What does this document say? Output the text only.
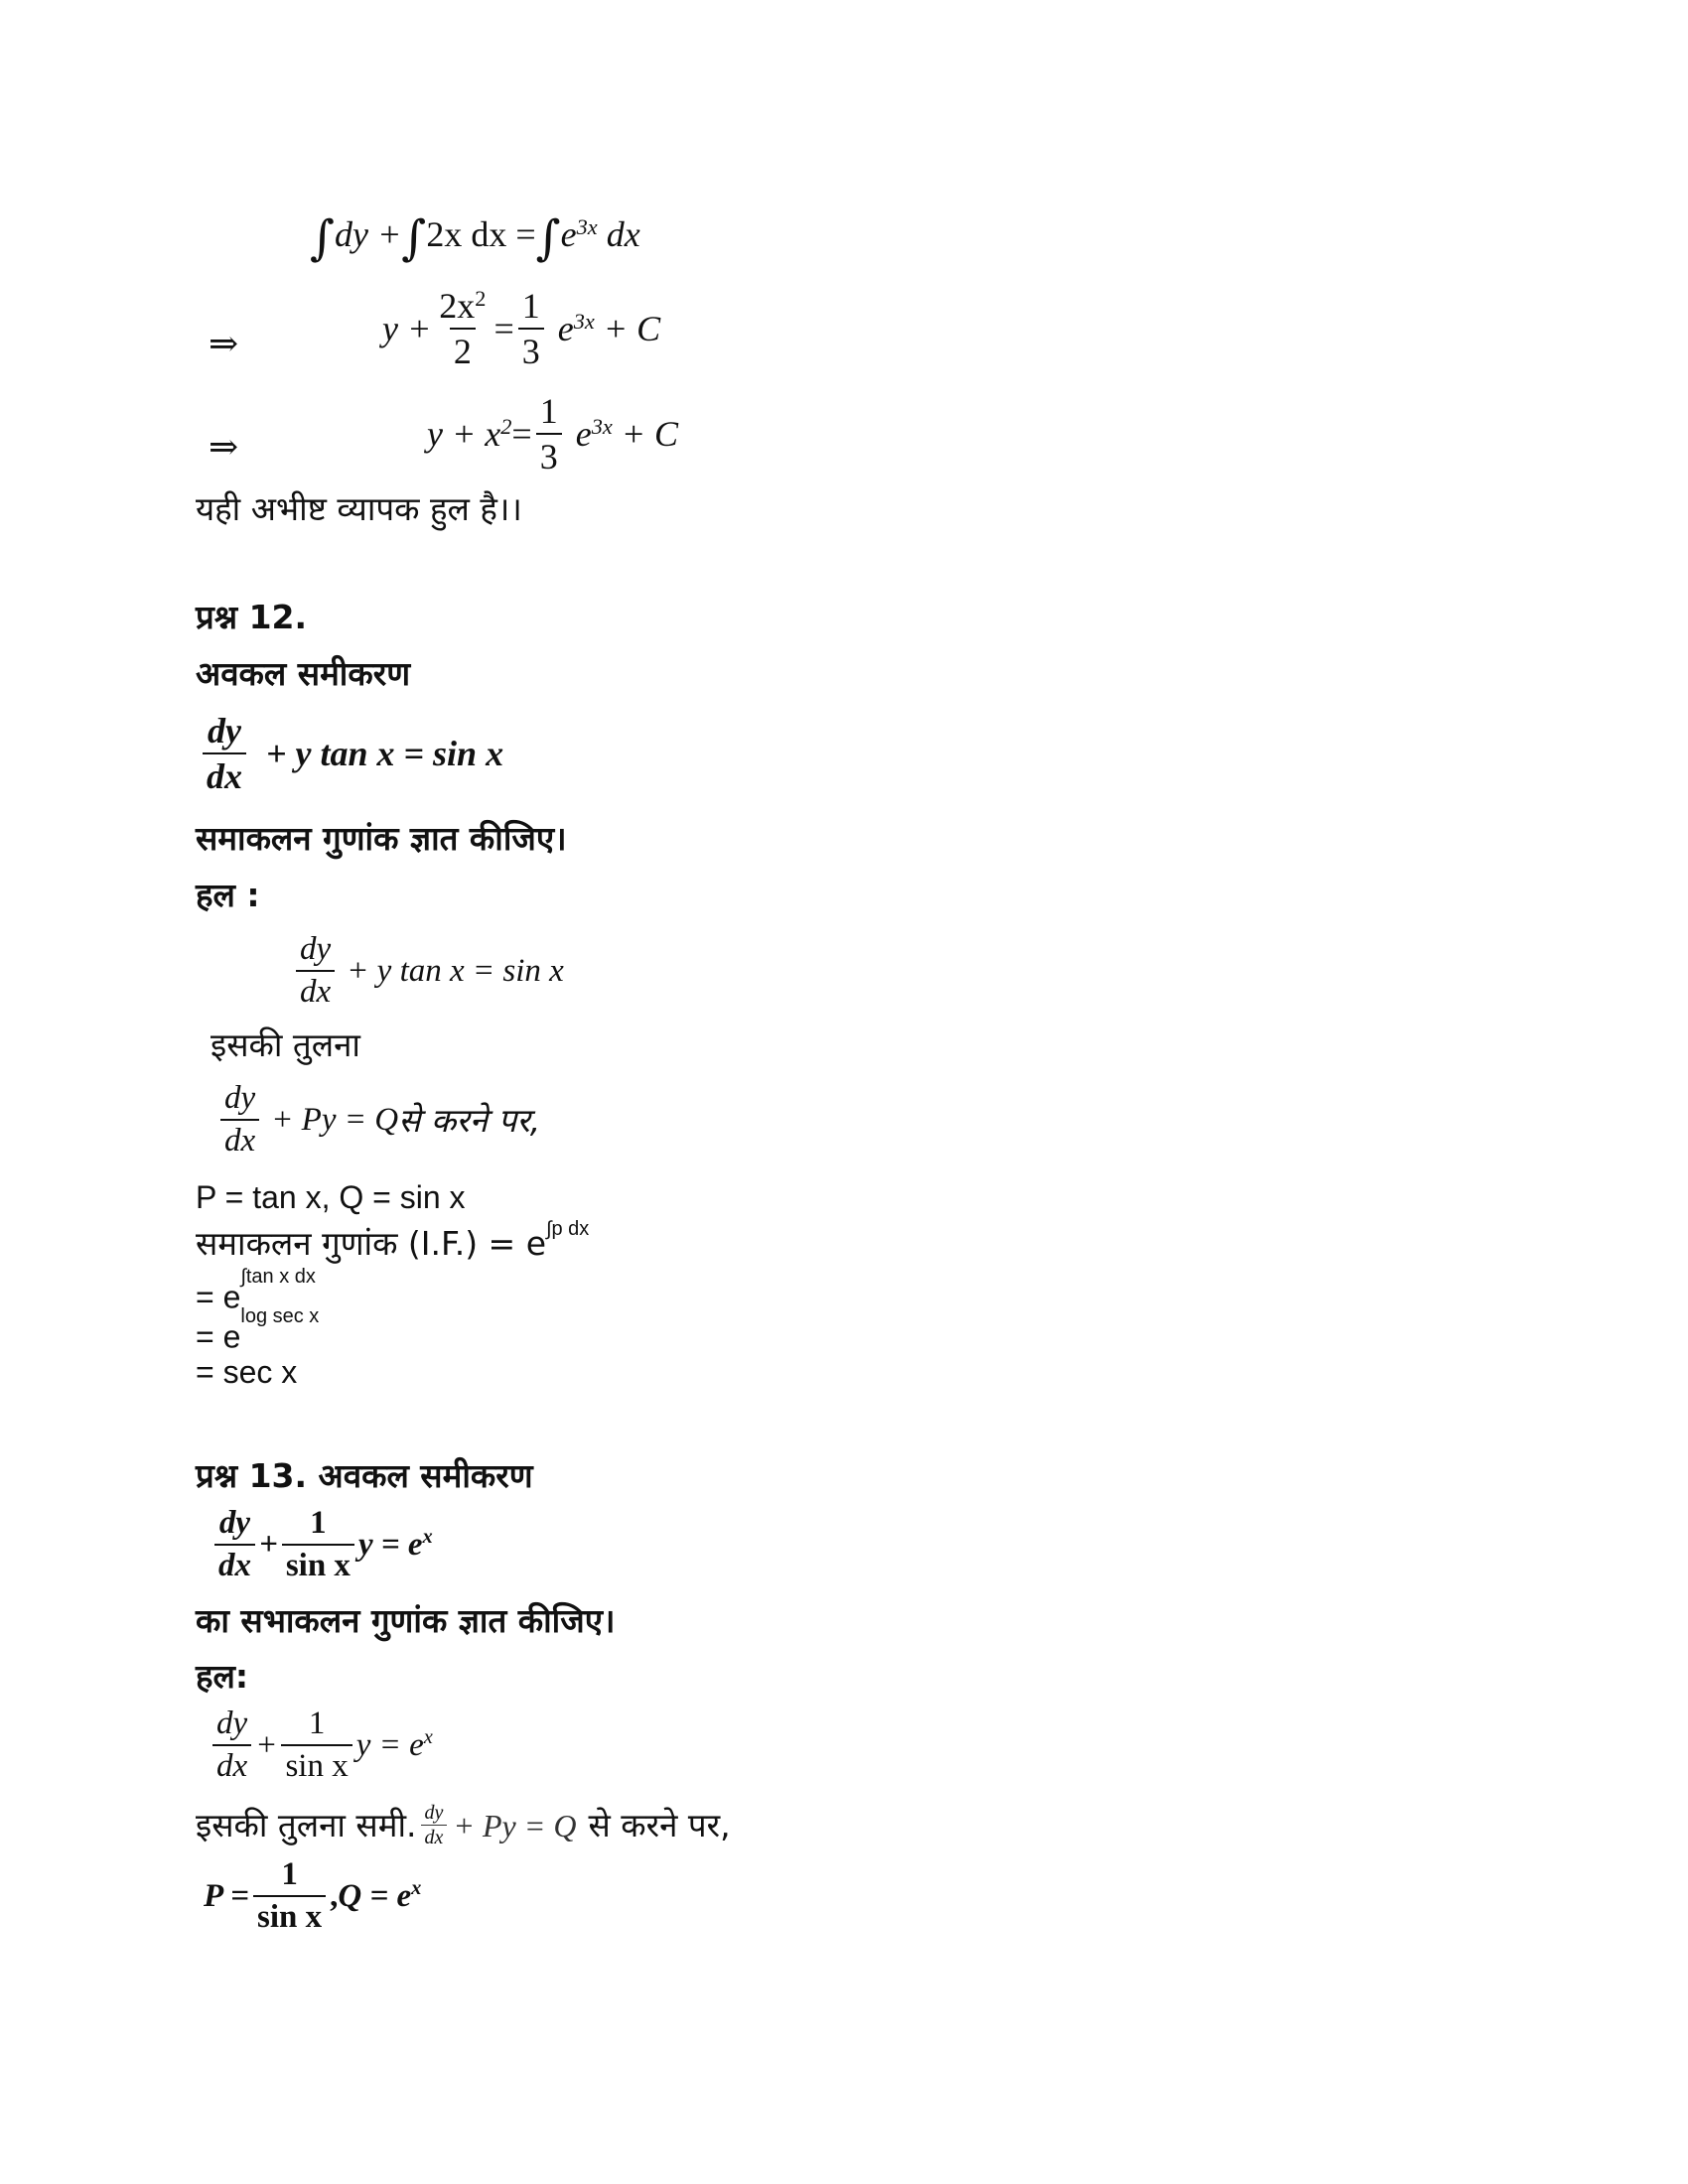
∫ dy + ∫ 2x dx = ∫ $e^{3x}$ dx
⇒	$y + \frac{2x^2}{2} = \frac{1}{3} e^{3x} + C$
⇒	$y + x^2 = \frac{1}{3} e^{3x} + C$
यही अभीष्ट व्यापक हुल है।।
प्रश्न 12.
अवकल समीकरण
$\frac{dy}{dx} + y$ tan x = sin x
समाकलन गुणांक ज्ञात कीजिए।
हल :
$\frac{dy}{dx} + y$ tan x = sin x
इसकी तुलना
$\frac{dy}{dx} + Py = Q$ से करने पर,
P = tan x, Q = sin x
समाकलन गुणांक $(I.F.) = e^{\int p dx}$
= $e^{\int tan x dx}$
= $e^{log sec x}$
= sec x
प्रश्न 13. अवकल समीकरण
$\frac{dy}{dx} + \frac{1}{\text{sin x}}$ $y = e^x$
का सभाकलन गुणांक ज्ञात कीजिए।
हल:
$\frac{dy}{dx} + \frac{1}{\text{sin x}}$ $y = e^x$
इसकी तुलना समी. $\frac{dy}{dx} + Py = Q$ से करने पर,
$P = \frac{1}{\text{sin x}}$ , $Q = e^x$
